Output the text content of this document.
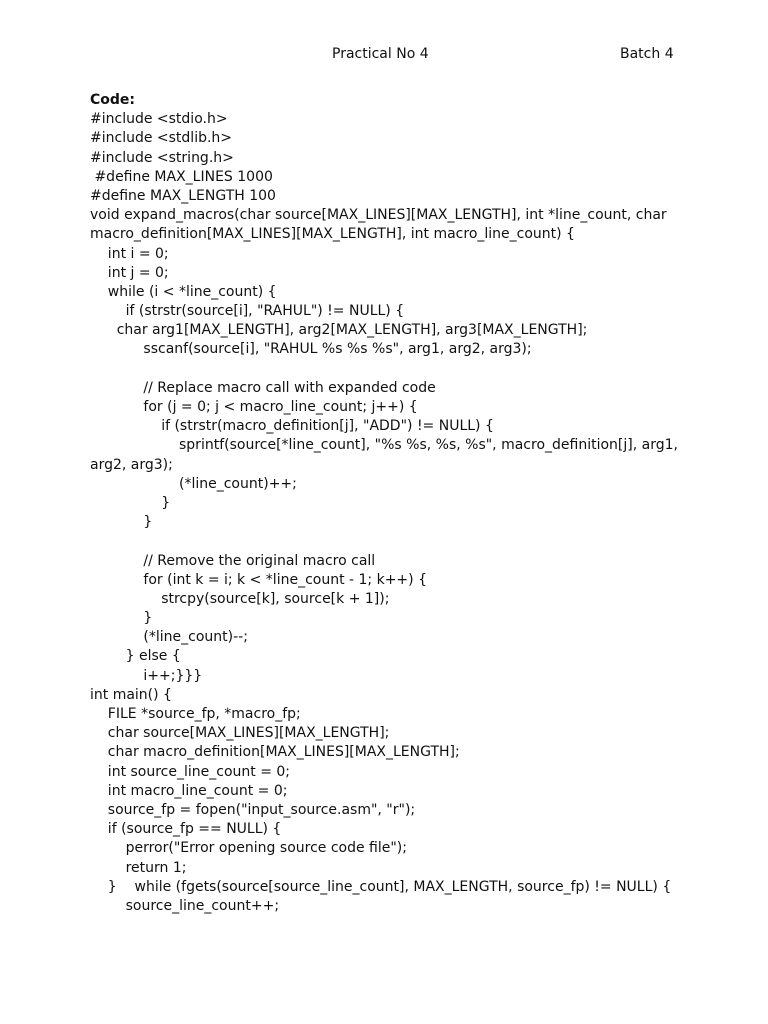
Practical No 4	Batch 4
Code:
#include <stdio.h>
#include <stdlib.h>
#include <string.h>
#define MAX_LINES 1000
#define MAX_LENGTH 100
void expand_macros(char source[MAX_LINES][MAX_LENGTH], int *line_count, char
macro_definition[MAX_LINES][MAX_LENGTH], int macro_line_count) {
int i = 0;
int j = 0;
while (i < *line_count) {
if (strstr(source[i], "RAHUL") != NULL) {
char arg1[MAX_LENGTH], arg2[MAX_LENGTH], arg3[MAX_LENGTH];
sscanf(source[i], "RAHUL %s %s %s", arg1, arg2, arg3);
// Replace macro call with expanded code
for (j = 0; j < macro_line_count; j++) {
if (strstr(macro_definition[j], "ADD") != NULL) {
sprintf(source[*line_count], "%s %s, %s, %s", macro_definition[j], arg1,
arg2, arg3);
(*line_count)++;
}
}
// Remove the original macro call
for (int k = i; k < *line_count - 1; k++) {
strcpy(source[k], source[k + 1]);
}
(*line_count)--;
} else {
i++;}}}
int main() {
FILE *source_fp, *macro_fp;
char source[MAX_LINES][MAX_LENGTH];
char macro_definition[MAX_LINES][MAX_LENGTH];
int source_line_count = 0;
int macro_line_count = 0;
source_fp = fopen("input_source.asm", "r");
if (source_fp == NULL) {
perror("Error opening source code file");
return 1;
}    while (fgets(source[source_line_count], MAX_LENGTH, source_fp) != NULL) {
source_line_count++;
